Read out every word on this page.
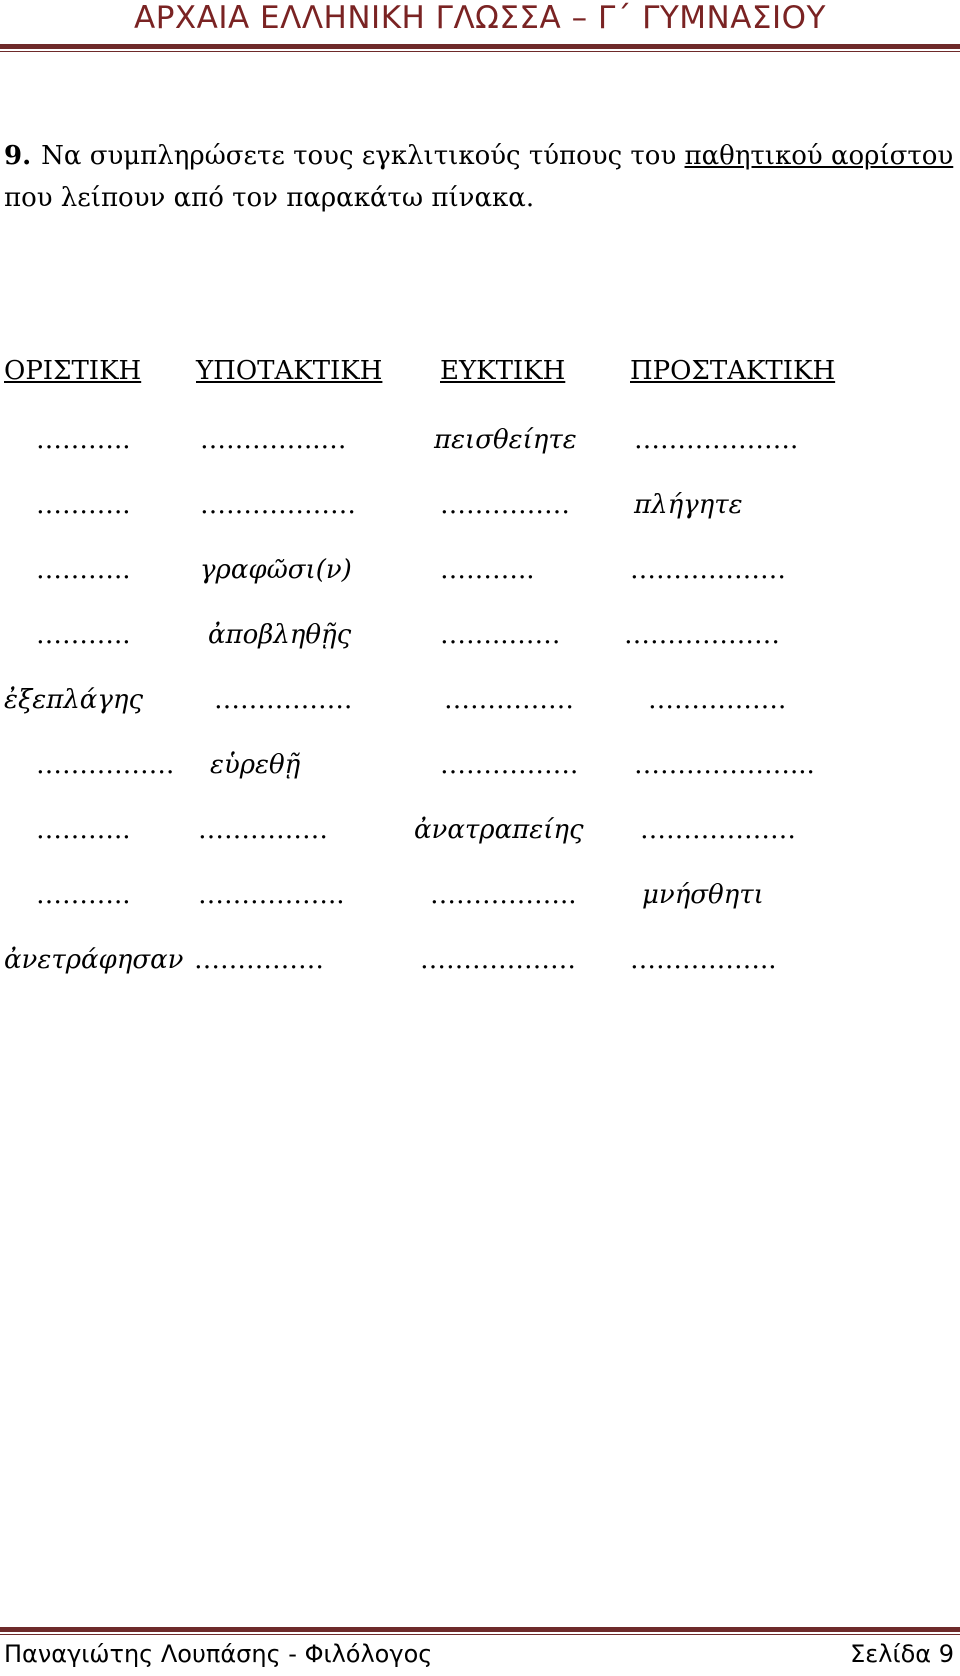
ΑΡΧΑΙΑ ΕΛΛΗΝΙΚΗ ΓΛΩΣΣΑ – Γ΄ ΓΥΜΝΑΣΙΟΥ
9. Να συμπληρώσετε τους εγκλιτικούς τύπους του παθητικού αορίστου που λείπουν από τον παρακάτω πίνακα.
ΟΡΙΣΤΙΚΗ ΥΠΟΤΑΚΤΙΚΗ ΕΥΚΤΙΚΗ ΠΡΟΣΤΑΚΤΙΚΗ
………..	…………..…	πεισθείητε ……………….
………..	………………	…………… πλήγητε
………..	γραφῶσι(ν)	………..	………………
………..	ἀποβληθῇς	……..…… ………………
ἐξεπλάγης	…………….	……………	…………….
……………. εὑρεθῇ	……………. ………………...
………..	……………	ἀνατραπείης ………………
………..	……………..	……………..	μνήσθητι
ἀνετράφησαν ……………	……………… ……………..
Παναγιώτης Λουπάσης - Φιλόλογος	Σελίδα 9
